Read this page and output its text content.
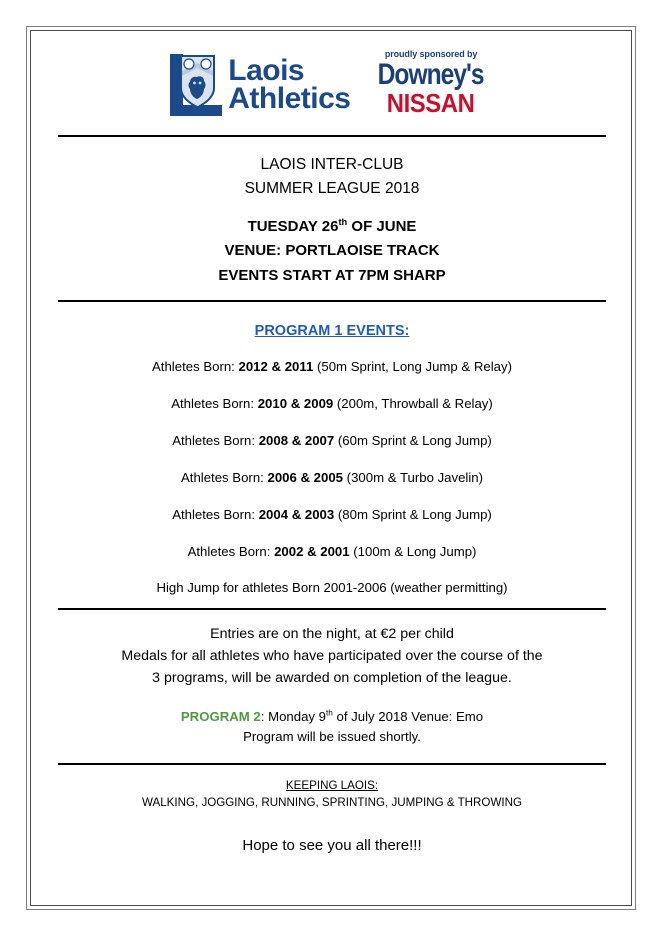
Laois
Athletics
proudly sponsored by
Downey's
NISSAN
LAOIS INTER-CLUB
SUMMER LEAGUE 2018
TUESDAY 26th OF JUNE
VENUE: PORTLAOISE TRACK
EVENTS START AT 7PM SHARP
PROGRAM 1 EVENTS:
Athletes Born: 2012 & 2011 (50m Sprint, Long Jump & Relay)
Athletes Born: 2010 & 2009 (200m, Throwball & Relay)
Athletes Born: 2008 & 2007 (60m Sprint & Long Jump)
Athletes Born: 2006 & 2005 (300m & Turbo Javelin)
Athletes Born: 2004 & 2003 (80m Sprint & Long Jump)
Athletes Born: 2002 & 2001 (100m & Long Jump)
High Jump for athletes Born 2001-2006 (weather permitting)
Entries are on the night, at €2 per child
Medals for all athletes who have participated over the course of the
3 programs, will be awarded on completion of the league.
PROGRAM 2: Monday 9th of July 2018 Venue: Emo
Program will be issued shortly.
KEEPING LAOIS:
WALKING, JOGGING, RUNNING, SPRINTING, JUMPING & THROWING
Hope to see you all there!!!
